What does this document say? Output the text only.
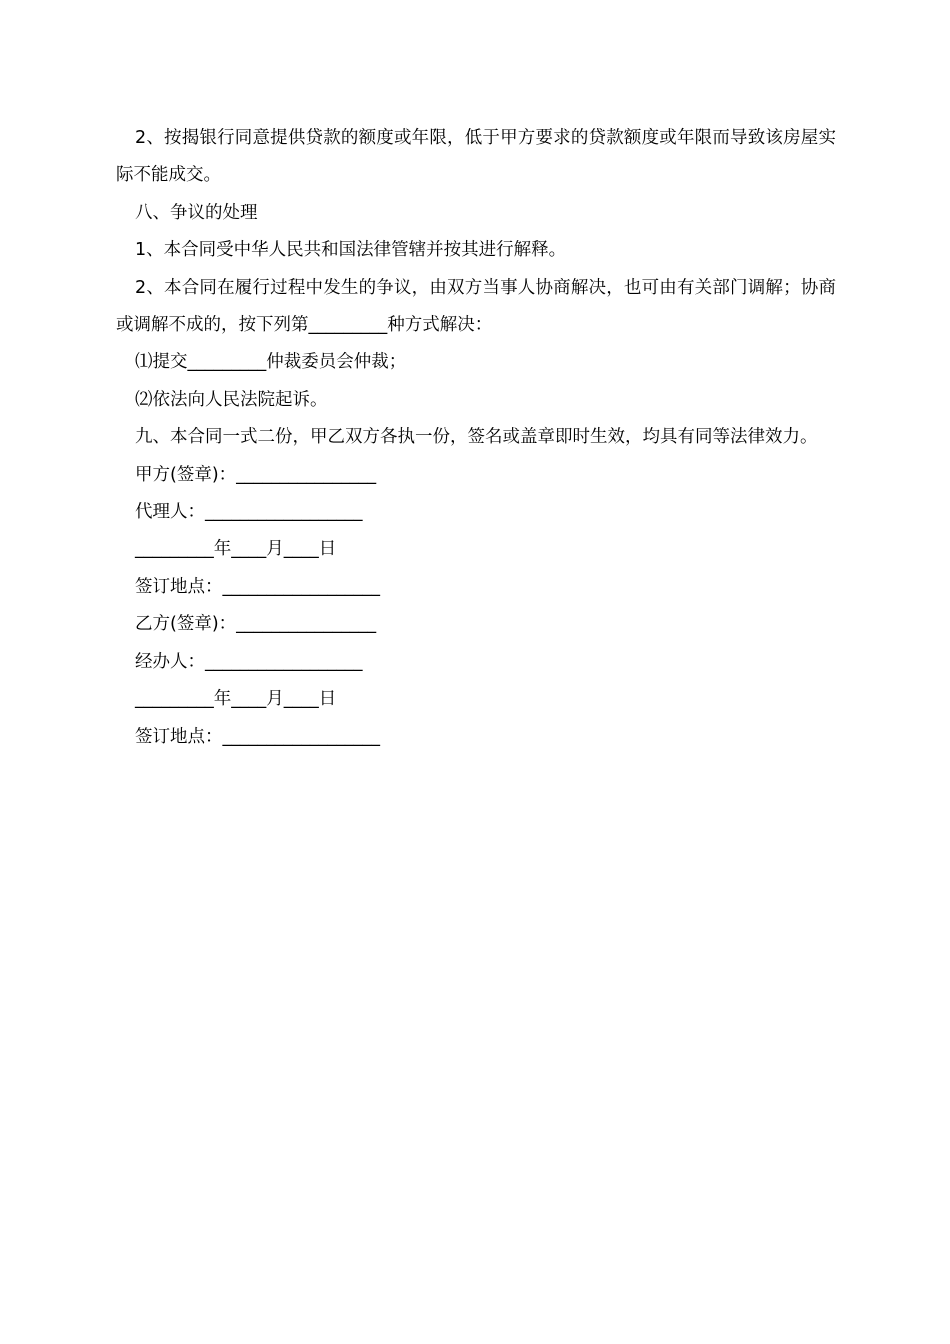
2、按揭银行同意提供贷款的额度或年限，低于甲方要求的贷款额度或年限而导致该房屋实际不能成交。

八、争议的处理

1、本合同受中华人民共和国法律管辖并按其进行解释。

2、本合同在履行过程中发生的争议，由双方当事人协商解决，也可由有关部门调解；协商或调解不成的，按下列第_________种方式解决：

⑴提交_________仲裁委员会仲裁；

⑵依法向人民法院起诉。

九、本合同一式二份，甲乙双方各执一份，签名或盖章即时生效，均具有同等法律效力。

甲方(签章)：________________

代理人：__________________

_________年____月____日

签订地点：__________________

乙方(签章)：________________

经办人：__________________

_________年____月____日

签订地点：__________________
